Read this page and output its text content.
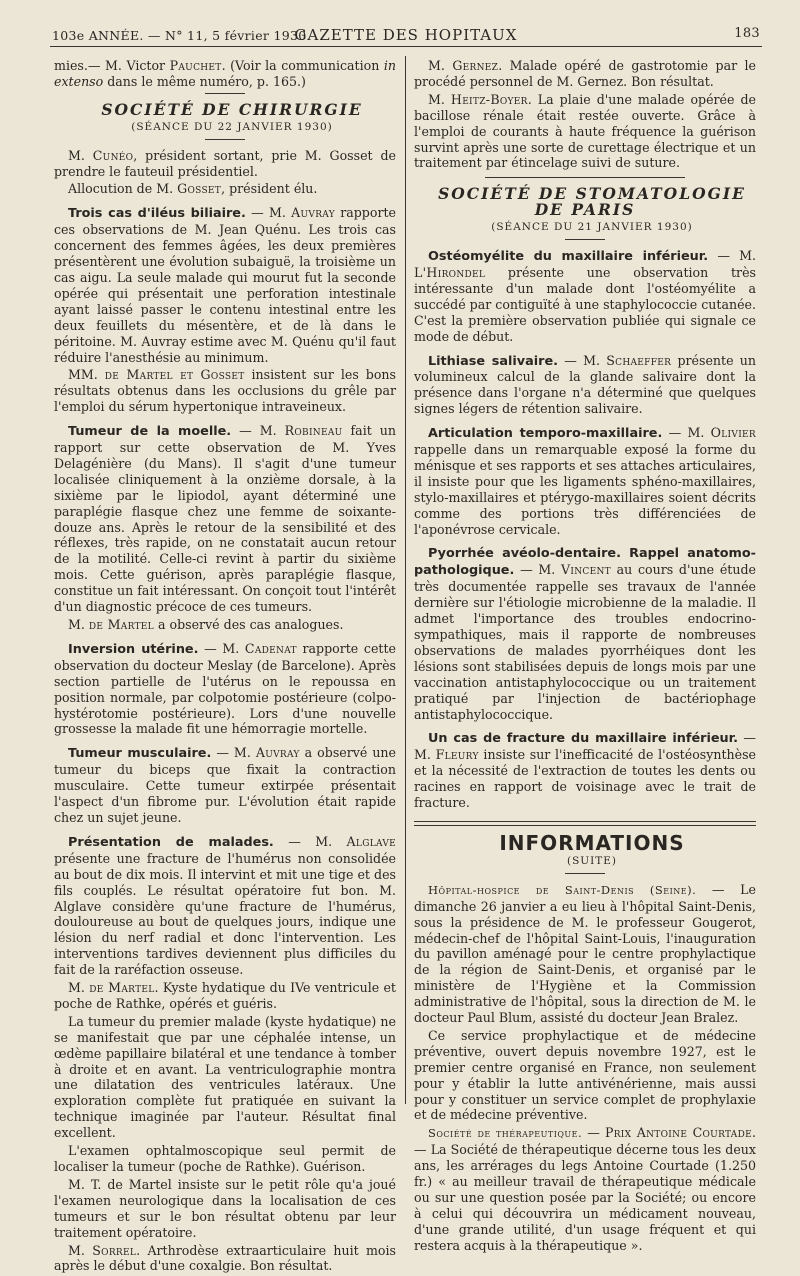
103e ANNÉE. — N° 11, 5 février 1930.
GAZETTE DES HOPITAUX	183

mies.— M. Victor Pauchet. (Voir la communication in extenso dans le même numéro, p. 165.)

SOCIÉTÉ DE CHIRURGIE

(SÉANCE DU 22 JANVIER 1930)

M. Cunéo, président sortant, prie M. Gosset de prendre le fauteuil présidentiel.

Allocution de M. Gosset, président élu.

Trois cas d'iléus biliaire. — M. Auvray rapporte ces observations de M. Jean Quénu. Les trois cas concernent des femmes âgées, les deux premières présentèrent une évolution subaiguë, la troisième un cas aigu. La seule malade qui mourut fut la seconde opérée qui présentait une perforation intestinale ayant laissé passer le contenu intestinal entre les deux feuillets du mésentère, et de là dans le péritoine. M. Auvray estime avec M. Quénu qu'il faut réduire l'anesthésie au minimum.

MM. de Martel et Gosset insistent sur les bons résultats obtenus dans les occlusions du grêle par l'emploi du sérum hypertonique intraveineux.

Tumeur de la moelle. — M. Robineau fait un rapport sur cette observation de M. Yves Delagénière (du Mans). Il s'agit d'une tumeur localisée cliniquement à la onzième dorsale, à la sixième par le lipiodol, ayant déterminé une paraplégie flasque chez une femme de soixante-douze ans. Après le retour de la sensibilité et des réflexes, très rapide, on ne constatait aucun retour de la motilité. Celle-ci revint à partir du sixième mois. Cette guérison, après paraplégie flasque, constitue un fait intéressant. On conçoit tout l'intérêt d'un diagnostic précoce de ces tumeurs.

M. de Martel a observé des cas analogues.

Inversion utérine. — M. Cadenat rapporte cette observation du docteur Meslay (de Barcelone). Après section partielle de l'utérus on le repoussa en position normale, par colpotomie postérieure (colpo-hystérotomie postérieure). Lors d'une nouvelle grossesse la malade fit une hémorragie mortelle.

Tumeur musculaire. — M. Auvray a observé une tumeur du biceps que fixait la contraction musculaire. Cette tumeur extirpée présentait l'aspect d'un fibrome pur. L'évolution était rapide chez un sujet jeune.

Présentation de malades. — M. Alglave présente une fracture de l'humérus non consolidée au bout de dix mois. Il intervint et mit une tige et des fils couplés. Le résultat opératoire fut bon. M. Alglave considère qu'une fracture de l'humérus, douloureuse au bout de quelques jours, indique une lésion du nerf radial et donc l'intervention. Les interventions tardives deviennent plus difficiles du fait de la raréfaction osseuse.

M. de Martel. Kyste hydatique du IVe ventricule et poche de Rathke, opérés et guéris.

La tumeur du premier malade (kyste hydatique) ne se manifestait que par une céphalée intense, un œdème papillaire bilatéral et une tendance à tomber à droite et en avant. La ventriculographie montra une dilatation des ventricules latéraux. Une exploration complète fut pratiquée en suivant la technique imaginée par l'auteur. Résultat final excellent.

L'examen ophtalmoscopique seul permit de localiser la tumeur (poche de Rathke). Guérison.

M. T. de Martel insiste sur le petit rôle qu'a joué l'examen neurologique dans la localisation de ces tumeurs et sur le bon résultat obtenu par leur traitement opératoire.

M. Sorrel. Arthrodèse extraarticulaire huit mois après le début d'une coxalgie. Bon résultat.

M. Gernez. Malade opéré de gastrotomie par le procédé personnel de M. Gernez. Bon résultat.

M. Heitz-Boyer. La plaie d'une malade opérée de bacillose rénale était restée ouverte. Grâce à l'emploi de courants à haute fréquence la guérison survint après une sorte de curettage électrique et un traitement par étincelage suivi de suture.

SOCIÉTÉ DE STOMATOLOGIE DE PARIS

(SÉANCE DU 21 JANVIER 1930)

Ostéomyélite du maxillaire inférieur. — M. L'Hirondel présente une observation très intéressante d'un malade dont l'ostéomyélite a succédé par contiguïté à une staphylococcie cutanée. C'est la première observation publiée qui signale ce mode de début.

Lithiase salivaire. — M. Schaeffer présente un volumineux calcul de la glande salivaire dont la présence dans l'organe n'a déterminé que quelques signes légers de rétention salivaire.

Articulation temporo-maxillaire. — M. Olivier rappelle dans un remarquable exposé la forme du ménisque et ses rapports et ses attaches articulaires, il insiste pour que les ligaments sphéno-maxillaires, stylo-maxillaires et ptérygo-maxillaires soient décrits comme des portions très différenciées de l'aponévrose cervicale.

Pyorrhée avéolo-dentaire. Rappel anatomo-pathologique. — M. Vincent au cours d'une étude très documentée rappelle ses travaux de l'année dernière sur l'étiologie microbienne de la maladie. Il admet l'importance des troubles endocrino-sympathiques, mais il rapporte de nombreuses observations de malades pyorrhéiques dont les lésions sont stabilisées depuis de longs mois par une vaccination antistaphylococcique ou un traitement pratiqué par l'injection de bactériophage antistaphylococcique.

Un cas de fracture du maxillaire inférieur. — M. Fleury insiste sur l'inefficacité de l'ostéosynthèse et la nécessité de l'extraction de toutes les dents ou racines en rapport de voisinage avec le trait de fracture.

INFORMATIONS

(SUITE)

Hôpital-hospice de Saint-Denis (Seine). — Le dimanche 26 janvier a eu lieu à l'hôpital Saint-Denis, sous la présidence de M. le professeur Gougerot, médecin-chef de l'hôpital Saint-Louis, l'inauguration du pavillon aménagé pour le centre prophylactique de la région de Saint-Denis, et organisé par le ministère de l'Hygiène et la Commission administrative de l'hôpital, sous la direction de M. le docteur Paul Blum, assisté du docteur Jean Bralez.

Ce service prophylactique et de médecine préventive, ouvert depuis novembre 1927, est le premier centre organisé en France, non seulement pour y établir la lutte antivénérienne, mais aussi pour y constituer un service complet de prophylaxie et de médecine préventive.

Société de thérapeutique. — Prix Antoine Courtade. — La Société de thérapeutique décerne tous les deux ans, les arrérages du legs Antoine Courtade (1.250 fr.) « au meilleur travail de thérapeutique médicale ou sur une question posée par la Société; ou encore à celui qui découvrira un médicament nouveau, d'une grande utilité, d'un usage fréquent et qui restera acquis à la thérapeutique ».
